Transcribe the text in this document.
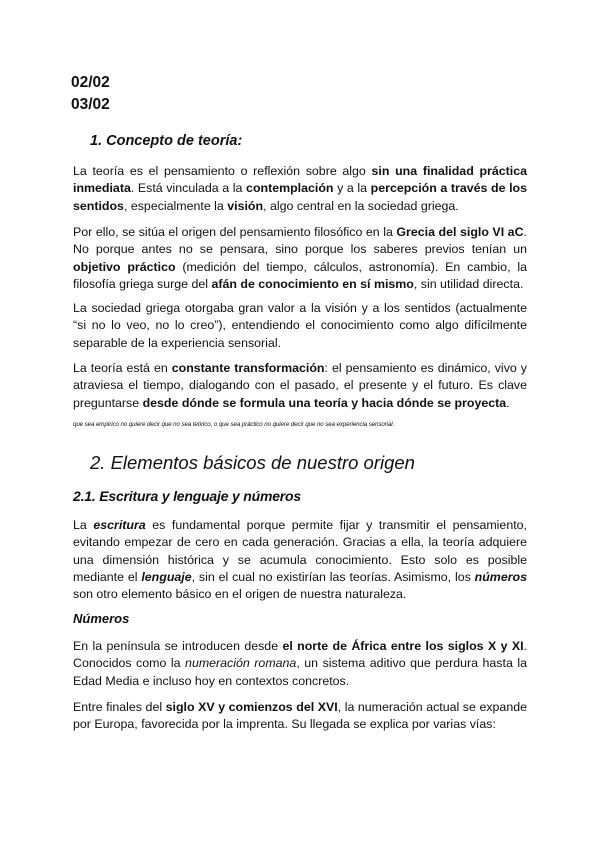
02/02
03/02
1. Concepto de teoría:

La teoría es el pensamiento o reflexión sobre algo sin una finalidad práctica inmediata. Está vinculada a la contemplación y a la percepción a través de los sentidos, especialmente la visión, algo central en la sociedad griega.

Por ello, se sitúa el origen del pensamiento filosófico en la Grecia del siglo VI aC. No porque antes no se pensara, sino porque los saberes previos tenían un objetivo práctico (medición del tiempo, cálculos, astronomía). En cambio, la filosofía griega surge del afán de conocimiento en sí mismo, sin utilidad directa.

La sociedad griega otorgaba gran valor a la visión y a los sentidos (actualmente “si no lo veo, no lo creo”), entendiendo el conocimiento como algo difícilmente separable de la experiencia sensorial.

La teoría está en constante transformación: el pensamiento es dinámico, vivo y atraviesa el tiempo, dialogando con el pasado, el presente y el futuro. Es clave preguntarse desde dónde se formula una teoría y hacia dónde se proyecta.

que sea empírico no quiere decir que no sea teórico, o que sea práctico no quiere decir que no sea experiencia sensorial.
2. Elementos básicos de nuestro origen
2.1. Escritura y lenguaje y números

La escritura es fundamental porque permite fijar y transmitir el pensamiento, evitando empezar de cero en cada generación. Gracias a ella, la teoría adquiere una dimensión histórica y se acumula conocimiento. Esto solo es posible mediante el lenguaje, sin el cual no existirían las teorías. Asimismo, los números son otro elemento básico en el origen de nuestra naturaleza.

Números

En la península se introducen desde el norte de África entre los siglos X y XI. Conocidos como la numeración romana, un sistema aditivo que perdura hasta la Edad Media e incluso hoy en contextos concretos.

Entre finales del siglo XV y comienzos del XVI, la numeración actual se expande por Europa, favorecida por la imprenta. Su llegada se explica por varias vías:
